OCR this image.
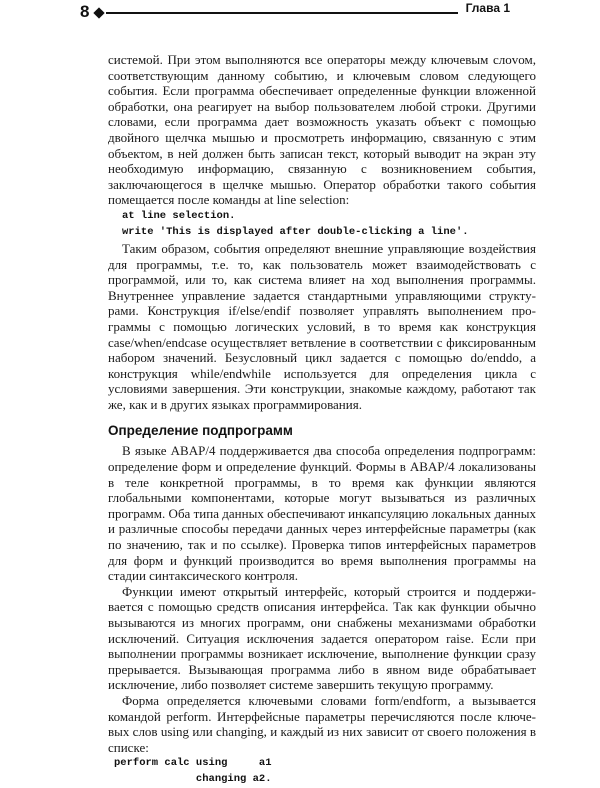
8	Глава 1

системой. При этом выполняются все операторы между ключевым слоvом, соответствующим данному событию, и ключевым словом следующего события. Если программа обеспечивает определенные функции вложенной обработки, она реагирует на выбор пользователем любой строки. Другими словами, если программа дает возможность указать объект с помощью двойного щелчка мышью и просмотреть информацию, связанную с этим объектом, в ней должен быть записан текст, который выводит на экран эту необходимую информацию, связанную с возникновением события, заключающегося в щелчке мышью. Оператор обработки такого события помещается после команды at line selection:

at line selection.
write 'This is displayed after double-clicking a line'.

Таким образом, события определяют внешние управляющие воздействия для программы, т.е. то, как пользователь может взаимодействовать с программой, или то, как система влияет на ход выполнения программы. Внутреннее управление задается стандартными управляющими структурами. Конструкция if/else/endif позволяет управлять выполнением программы с помощью логических условий, в то время как конструкция case/when/endcase осуществляет ветвление в соответствии с фиксированным набором значений. Безусловный цикл задается с помощью do/enddo, а конструкция while/endwhile используется для определения цикла с условиями завершения. Эти конструкции, знакомые каждому, работают так же, как и в других языках программирования.

Определение подпрограмм

В языке ABAP/4 поддерживается два способа определения подпрограмм: определение форм и определение функций. Формы в ABAP/4 локализованы в теле конкретной программы, в то время как функции являются глобальными компонентами, которые могут вызываться из различных программ. Оба типа данных обеспечивают инкапсуляцию локальных данных и различные способы передачи данных через интерфейсные параметры (как по значению, так и по ссылке). Проверка типов интерфейсных параметров для форм и функций производится во время выполнения программы на стадии синтаксического контроля.

Функции имеют открытый интерфейс, который строится и поддерживается с помощью средств описания интерфейса. Так как функции обычно вызываются из многих программ, они снабжены механизмами обработки исключений. Ситуация исключения задается оператором raise. Если при выполнении программы возникает исключение, выполнение функции сразу прерывается. Вызывающая программа либо в явном виде обрабатывает исключение, либо позволяет системе завершить текущую программу.

Форма определяется ключевыми словами form/endform, а вызывается командой perform. Интерфейсные параметры перечисляются после ключевых слов using или changing, и каждый из них зависит от своего положения в списке:

perform calc using     a1
changing a2.
